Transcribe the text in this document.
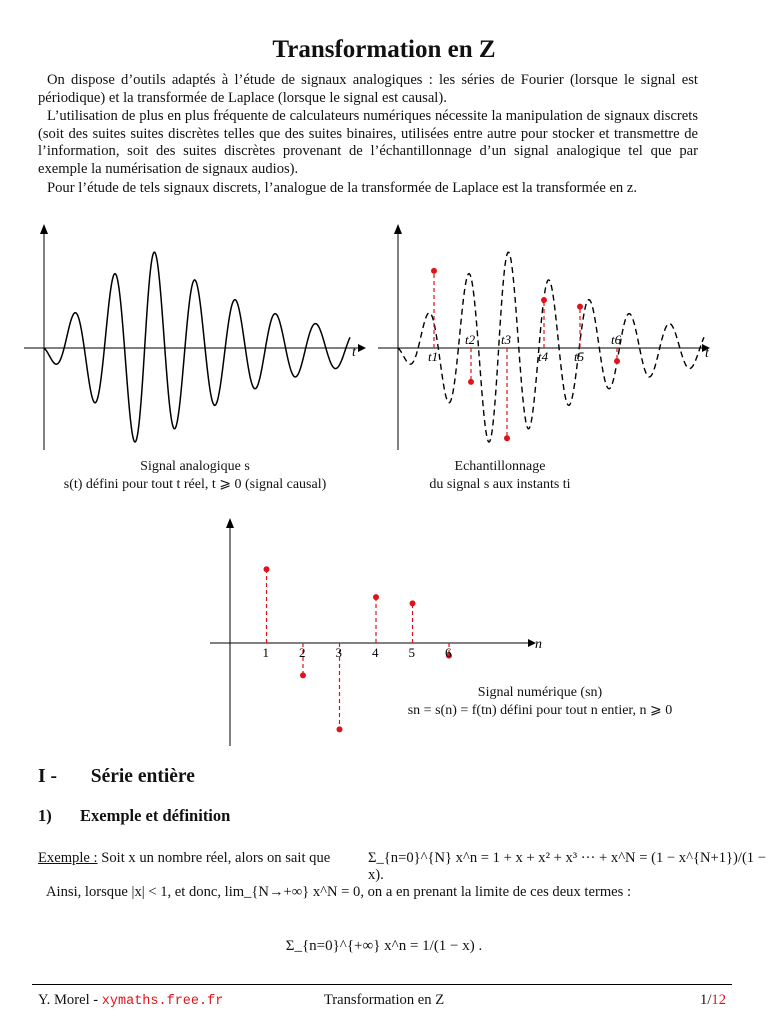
Transformation en Z
On dispose d’outils adaptés à l’étude de signaux analogiques : les séries de Fourier (lorsque le signal est périodique) et la transformée de Laplace (lorsque le signal est causal).
L’utilisation de plus en plus fréquente de calculateurs numériques nécessite la manipulation de signaux discrets (soit des suites suites discrètes telles que des suites binaires, utilisées entre autre pour stocker et transmettre de l’information, soit des suites discrètes provenant de l’échantillonnage d’un signal analogique tel que par exemple la numérisation de signaux audios).
Pour l’étude de tels signaux discrets, l’analogue de la transformée de Laplace est la transformée en z.
t
Signal analogique s
s(t) défini pour tout t réel, t ⩾ 0 (signal causal)
t1
t2 t3
t4 t5
t6
t
Echantillonnage
du signal s aux instants ti
1 2 3 4 5 6
n
Signal numérique (sn)
sn = s(n) = f(tn) défini pour tout n entier, n ⩾ 0
I - Série entière
1) Exemple et définition
Exemple : Soit x un nombre réel, alors on sait que	Σ_{n=0}^{N} x^n = 1 + x + x² + x³ ··· + x^N = (1 − x^{N+1})/(1 − x).
Ainsi, lorsque |x| < 1, et donc, lim_{N→+∞} x^N = 0, on a en prenant la limite de ces deux termes :
Σ_{n=0}^{+∞} x^n = 1/(1 − x) .
Y. Morel - xymaths.free.fr	Transformation en Z	1/12
